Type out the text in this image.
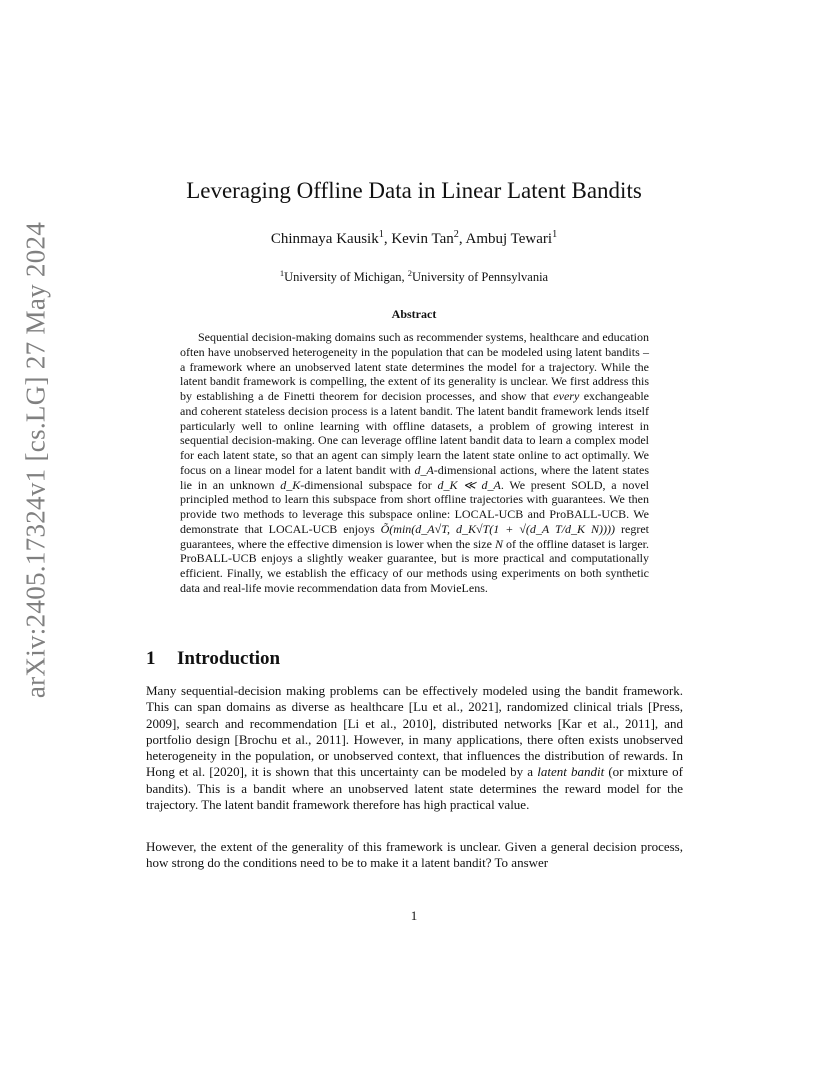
arXiv:2405.17324v1 [cs.LG] 27 May 2024
Leveraging Offline Data in Linear Latent Bandits
Chinmaya Kausik$^1$, Kevin Tan$^2$, Ambuj Tewari$^1$
$^1$University of Michigan, $^2$University of Pennsylvania
Abstract

Sequential decision-making domains such as recommender systems, healthcare and education often have unobserved heterogeneity in the population that can be modeled using latent bandits – a framework where an unobserved latent state determines the model for a trajectory. While the latent bandit framework is compelling, the extent of its generality is unclear. We first address this by establishing a de Finetti theorem for decision processes, and show that every exchangeable and coherent stateless decision process is a latent bandit. The latent bandit framework lends itself particularly well to online learning with offline datasets, a problem of growing interest in sequential decision-making. One can leverage offline latent bandit data to learn a complex model for each latent state, so that an agent can simply learn the latent state online to act optimally. We focus on a linear model for a latent bandit with d_A-dimensional actions, where the latent states lie in an unknown d_K-dimensional subspace for d_K ≪ d_A. We present SOLD, a novel principled method to learn this subspace from short offline trajectories with guarantees. We then provide two methods to leverage this subspace online: LOCAL-UCB and ProBALL-UCB. We demonstrate that LOCAL-UCB enjoys Õ(min(d_A√T, d_K√T(1 + √(d_A T/d_K N)))) regret guarantees, where the effective dimension is lower when the size N of the offline dataset is larger. ProBALL-UCB enjoys a slightly weaker guarantee, but is more practical and computationally efficient. Finally, we establish the efficacy of our methods using experiments on both synthetic data and real-life movie recommendation data from MovieLens.

1 Introduction

Many sequential-decision making problems can be effectively modeled using the bandit framework. This can span domains as diverse as healthcare [Lu et al., 2021], randomized clinical trials [Press, 2009], search and recommendation [Li et al., 2010], distributed networks [Kar et al., 2011], and portfolio design [Brochu et al., 2011]. However, in many applications, there often exists unobserved heterogeneity in the population, or unobserved context, that influences the distribution of rewards. In Hong et al. [2020], it is shown that this uncertainty can be modeled by a latent bandit (or mixture of bandits). This is a bandit where an unobserved latent state determines the reward model for the trajectory. The latent bandit framework therefore has high practical value.

However, the extent of the generality of this framework is unclear. Given a general decision process, how strong do the conditions need to be to make it a latent bandit? To answer

1
